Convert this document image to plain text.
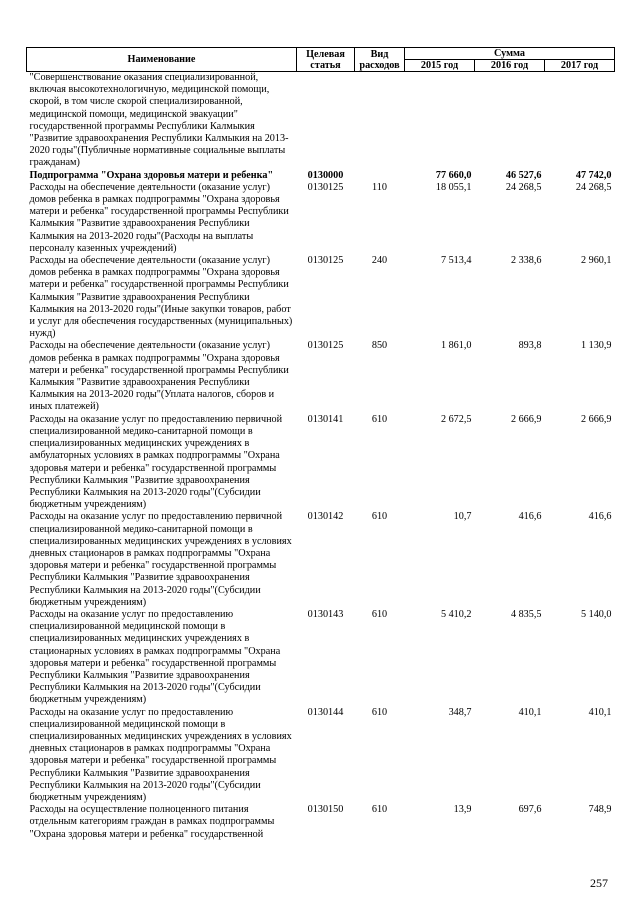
Наименование	Целевая статья	Вид расходов	Сумма		
			2015 год	2016 год	2017 год
"Совершенствование оказания специализированной, включая высокотехнологичную, медицинской помощи, скорой, в том числе скорой специализированной, медицинской помощи, медицинской эвакуации" государственной программы Республики Калмыкия "Развитие здравоохранения Республики Калмыкия на 2013-2020 годы"(Публичные нормативные социальные выплаты гражданам)					
Подпрограмма "Охрана здоровья матери и ребенка"	0130000		77 660,0	46 527,6	47 742,0
Расходы на обеспечение деятельности (оказание услуг) домов ребенка в рамках подпрограммы "Охрана здоровья матери и ребенка" государственной программы Республики Калмыкия "Развитие здравоохранения Республики Калмыкия на 2013-2020 годы"(Расходы на выплаты персоналу казенных учреждений)	0130125	110	18 055,1	24 268,5	24 268,5
Расходы на обеспечение деятельности (оказание услуг) домов ребенка в рамках подпрограммы "Охрана здоровья матери и ребенка" государственной программы Республики Калмыкия "Развитие здравоохранения Республики Калмыкия на 2013-2020 годы"(Иные закупки товаров, работ и услуг для обеспечения государственных (муниципальных) нужд)	0130125	240	7 513,4	2 338,6	2 960,1
Расходы на обеспечение деятельности (оказание услуг) домов ребенка в рамках подпрограммы "Охрана здоровья матери и ребенка" государственной программы Республики Калмыкия "Развитие здравоохранения Республики Калмыкия на 2013-2020 годы"(Уплата налогов, сборов и иных платежей)	0130125	850	1 861,0	893,8	1 130,9
Расходы на оказание услуг по предоставлению первичной специализированной медико-санитарной помощи в специализированных медицинских учреждениях в амбулаторных условиях в рамках подпрограммы "Охрана здоровья матери и ребенка" государственной программы Республики Калмыкия "Развитие здравоохранения Республики Калмыкия на 2013-2020 годы"(Субсидии бюджетным учреждениям)	0130141	610	2 672,5	2 666,9	2 666,9
Расходы на оказание услуг по предоставлению первичной специализированной медико-санитарной помощи в специализированных медицинских учреждениях в условиях дневных стационаров в рамках подпрограммы "Охрана здоровья матери и ребенка" государственной программы Республики Калмыкия "Развитие здравоохранения Республики Калмыкия на 2013-2020 годы"(Субсидии бюджетным учреждениям)	0130142	610	10,7	416,6	416,6
Расходы на оказание услуг по предоставлению специализированной медицинской помощи в специализированных медицинских учреждениях в стационарных условиях в рамках подпрограммы "Охрана здоровья матери и ребенка" государственной программы Республики Калмыкия "Развитие здравоохранения Республики Калмыкия на 2013-2020 годы"(Субсидии бюджетным учреждениям)	0130143	610	5 410,2	4 835,5	5 140,0
Расходы на оказание услуг по предоставлению специализированной медицинской помощи в специализированных медицинских учреждениях в условиях дневных стационаров в рамках подпрограммы "Охрана здоровья матери и ребенка" государственной программы Республики Калмыкия "Развитие здравоохранения Республики Калмыкия на 2013-2020 годы"(Субсидии бюджетным учреждениям)	0130144	610	348,7	410,1	410,1
Расходы на осуществление полноценного питания отдельным категориям граждан в рамках подпрограммы "Охрана здоровья матери и ребенка" государственной	0130150	610	13,9	697,6	748,9
257
